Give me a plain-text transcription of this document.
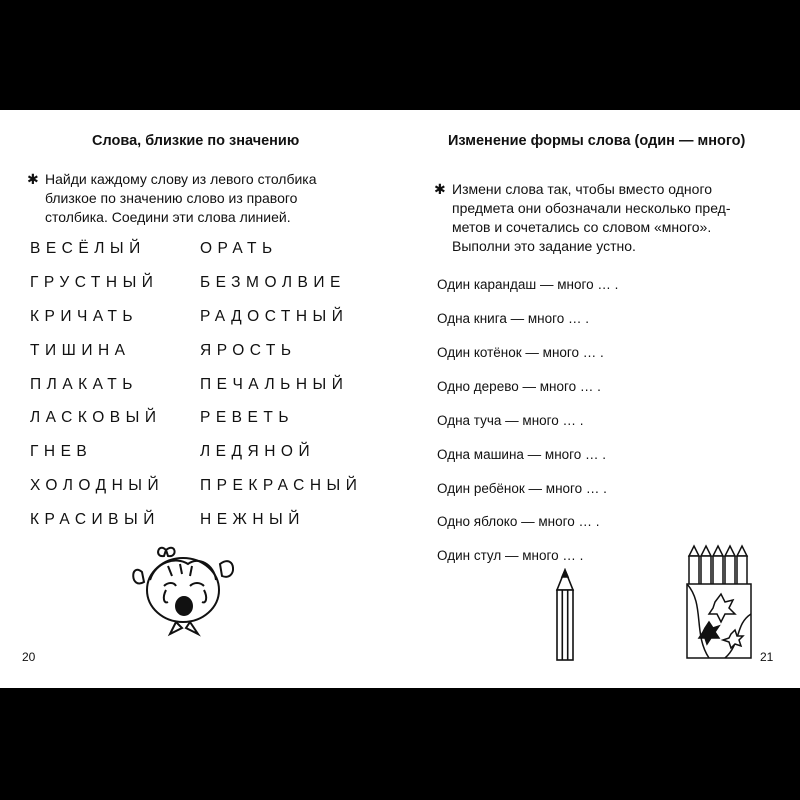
Слова, близкие по значению
✱ Найди каждому слову из левого столбика
близкое по значению слово из правого
столбика. Соедини эти слова линией.
ВЕСЁЛЫЙ
ГРУСТНЫЙ
КРИЧАТЬ
ТИШИНА
ПЛАКАТЬ
ЛАСКОВЫЙ
ГНЕВ
ХОЛОДНЫЙ
КРАСИВЫЙ
ОРАТЬ
БЕЗМОЛВИЕ
РАДОСТНЫЙ
ЯРОСТЬ
ПЕЧАЛЬНЫЙ
РЕВЕТЬ
ЛЕДЯНОЙ
ПРЕКРАСНЫЙ
НЕЖНЫЙ
20
Изменение формы слова (один — много)
✱ Измени слова так, чтобы вместо одного
предмета они обозначали несколько пред-
метов и сочетались со словом «много».
Выполни это задание устно.
Один карандаш — много … .
Одна книга — много … .
Один котёнок — много … .
Одно дерево — много … .
Одна туча — много … .
Одна машина — много … .
Один ребёнок — много … .
Одно яблоко — много … .
Один стул — много … .
21
